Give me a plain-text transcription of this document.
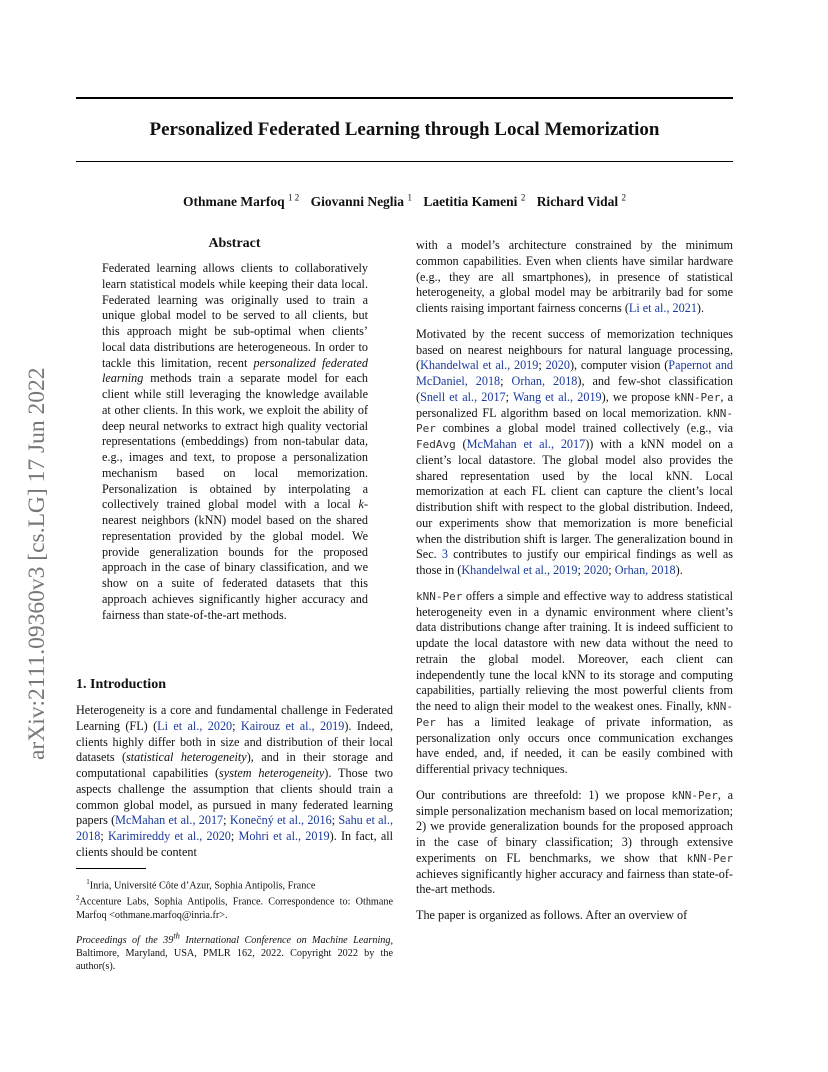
arXiv:2111.09360v3 [cs.LG] 17 Jun 2022
Personalized Federated Learning through Local Memorization
Othmane Marfoq $^{1 2}$ Giovanni Neglia $^1$ Laetitia Kameni $^2$ Richard Vidal $^2$
Abstract
Federated learning allows clients to collaboratively learn statistical models while keeping their data local. Federated learning was originally used to train a unique global model to be served to all clients, but this approach might be sub-optimal when clients’ local data distributions are heterogeneous. In order to tackle this limitation, recent personalized federated learning methods train a separate model for each client while still leveraging the knowledge available at other clients. In this work, we exploit the ability of deep neural networks to extract high quality vectorial representations (embeddings) from non-tabular data, e.g., images and text, to propose a personalization mechanism based on local memorization. Personalization is obtained by interpolating a collectively trained global model with a local k-nearest neighbors (kNN) model based on the shared representation provided by the global model. We provide generalization bounds for the proposed approach in the case of binary classification, and we show on a suite of federated datasets that this approach achieves significantly higher accuracy and fairness than state-of-the-art methods.
1. Introduction

Heterogeneity is a core and fundamental challenge in Federated Learning (FL) (Li et al., 2020; Kairouz et al., 2019). Indeed, clients highly differ both in size and distribution of their local datasets (statistical heterogeneity), and in their storage and computational capabilities (system heterogeneity). Those two aspects challenge the assumption that clients should train a common global model, as pursued in many federated learning papers (McMahan et al., 2017; Konečný et al., 2016; Sahu et al., 2018; Karimireddy et al., 2020; Mohri et al., 2019). In fact, all clients should be content

$^1$Inria, Université Côte d’Azur, Sophia Antipolis, France
$^2$Accenture Labs, Sophia Antipolis, France. Correspondence to: Othmane Marfoq <othmane.marfoq@inria.fr>.
Proceedings of the 39th International Conference on Machine Learning, Baltimore, Maryland, USA, PMLR 162, 2022. Copyright 2022 by the author(s).

with a model’s architecture constrained by the minimum common capabilities. Even when clients have similar hardware (e.g., they are all smartphones), in presence of statistical heterogeneity, a global model may be arbitrarily bad for some clients raising important fairness concerns (Li et al., 2021).

Motivated by the recent success of memorization techniques based on nearest neighbours for natural language processing, (Khandelwal et al., 2019; 2020), computer vision (Papernot and McDaniel, 2018; Orhan, 2018), and few-shot classification (Snell et al., 2017; Wang et al., 2019), we propose kNN-Per, a personalized FL algorithm based on local memorization. kNN-Per combines a global model trained collectively (e.g., via FedAvg (McMahan et al., 2017)) with a kNN model on a client’s local datastore. The global model also provides the shared representation used by the local kNN. Local memorization at each FL client can capture the client’s local distribution shift with respect to the global distribution. Indeed, our experiments show that memorization is more beneficial when the distribution shift is larger. The generalization bound in Sec. 3 contributes to justify our empirical findings as well as those in (Khandelwal et al., 2019; 2020; Orhan, 2018).

kNN-Per offers a simple and effective way to address statistical heterogeneity even in a dynamic environment where client’s data distributions change after training. It is indeed sufficient to update the local datastore with new data without the need to retrain the global model. Moreover, each client can independently tune the local kNN to its storage and computing capabilities, partially relieving the most powerful clients from the need to align their model to the weakest ones. Finally, kNN-Per has a limited leakage of private information, as personalization only occurs once communication exchanges have ended, and, if needed, it can be easily combined with differential privacy techniques.

Our contributions are threefold: 1) we propose kNN-Per, a simple personalization mechanism based on local memorization; 2) we provide generalization bounds for the proposed approach in the case of binary classification; 3) through extensive experiments on FL benchmarks, we show that kNN-Per achieves significantly higher accuracy and fairness than state-of-the-art methods.

The paper is organized as follows. After an overview of
